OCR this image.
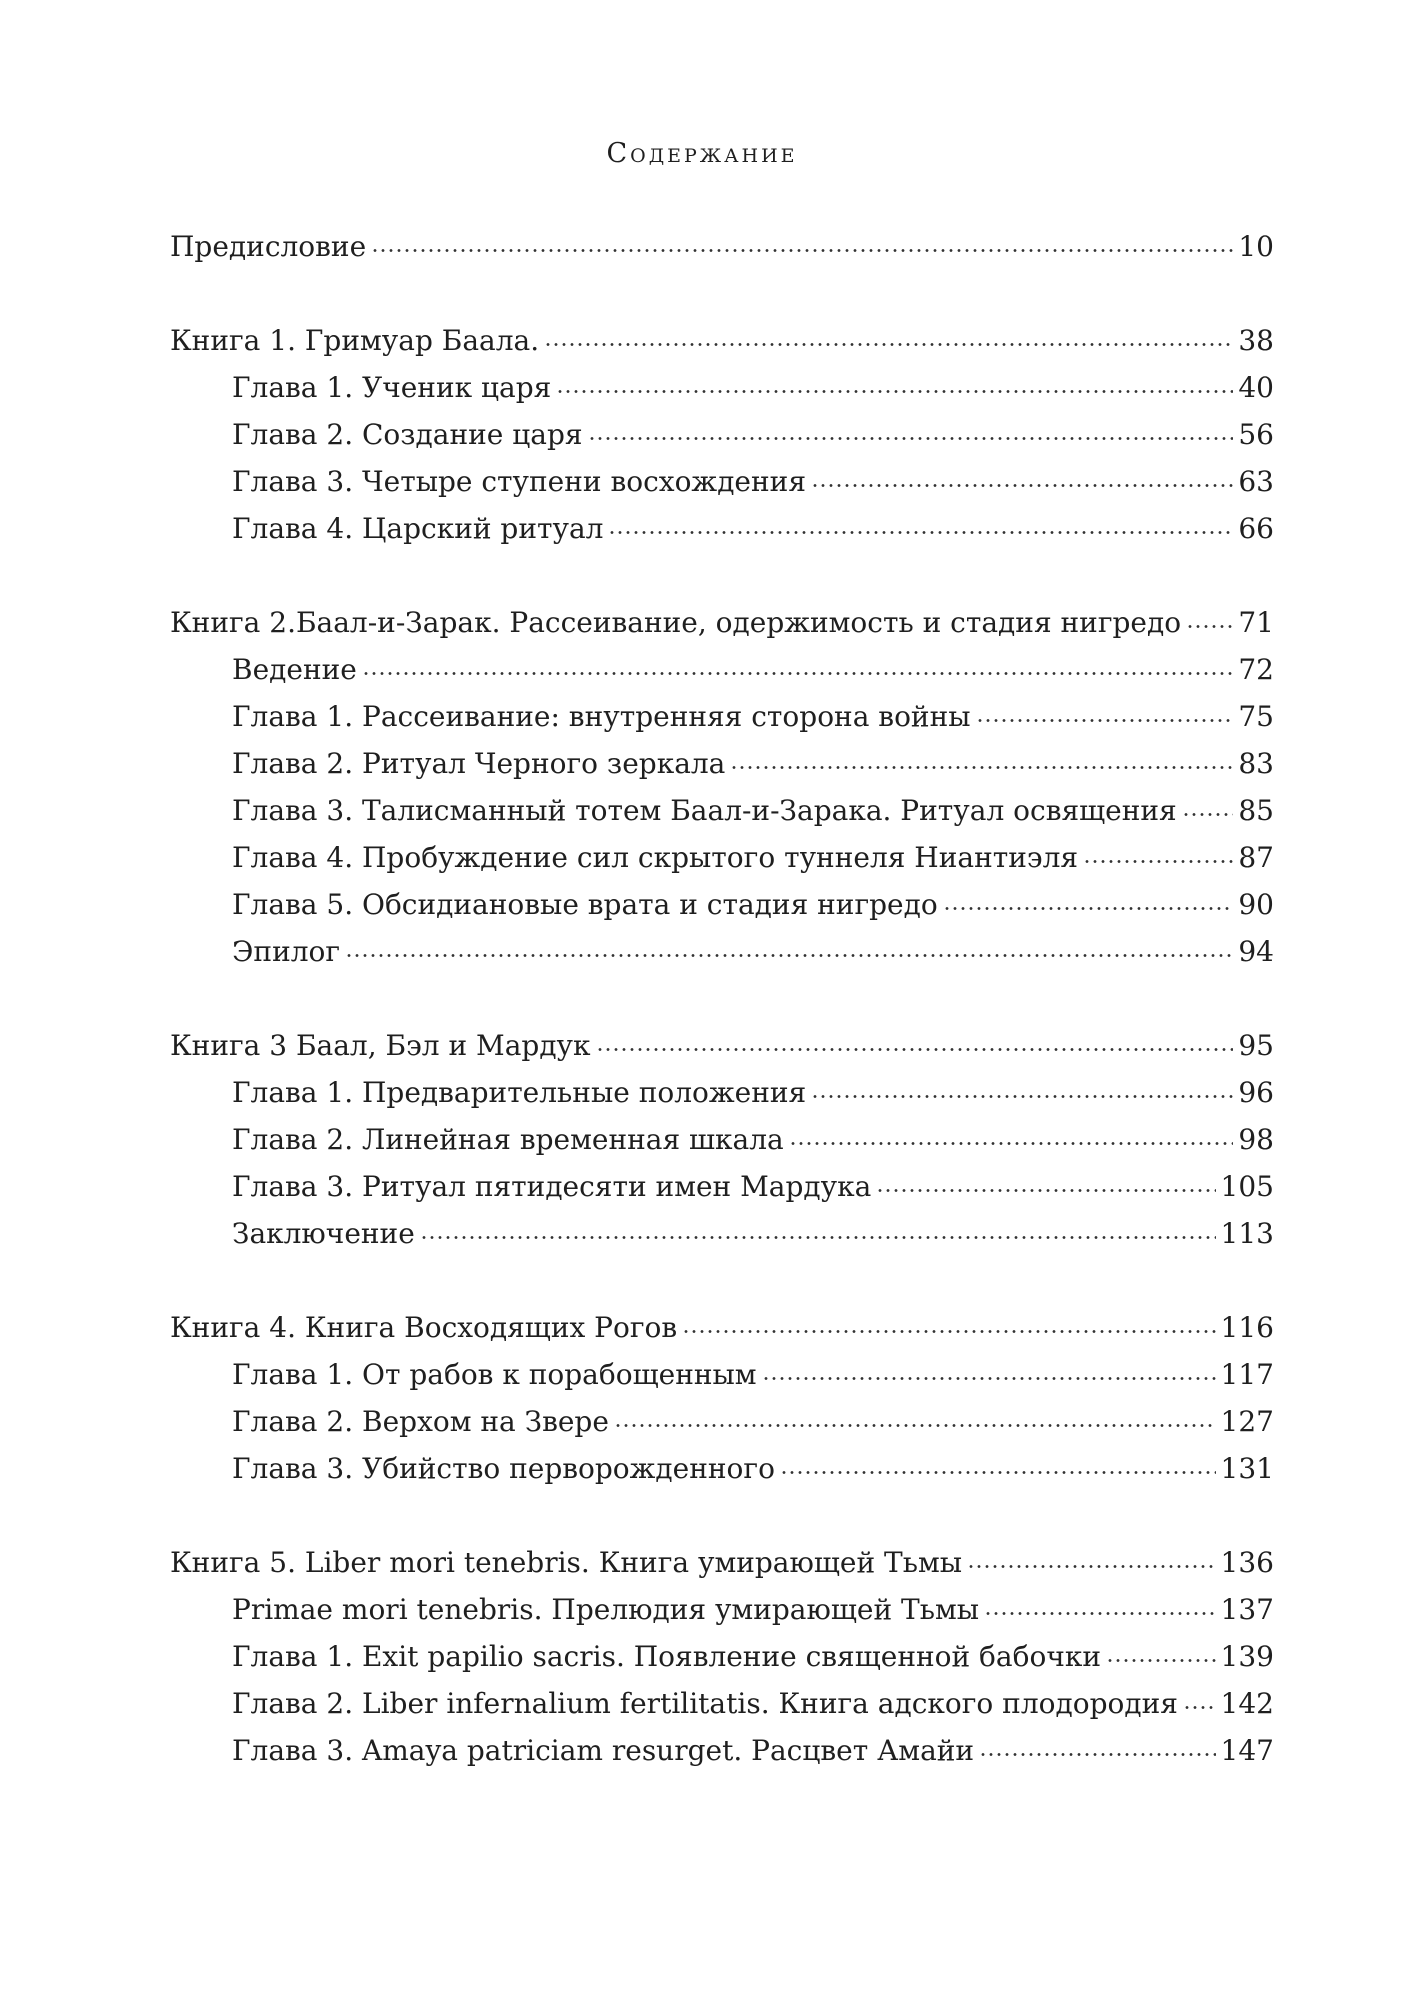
Содержание
Предисловие	10
Книга 1. Гримуар Баала.	38
Глава 1. Ученик царя	40
Глава 2. Создание царя	56
Глава 3. Четыре ступени восхождения	63
Глава 4. Царский ритуал	66
Книга 2.Баал-и-Зарак. Рассеивание, одержимость и стадия нигредо 71
Ведение	72
Глава 1. Рассеивание: внутренняя сторона войны	75
Глава 2. Ритуал Черного зеркала	83
Глава 3. Талисманный тотем Баал-и-Зарака. Ритуал освящения 85
Глава 4. Пробуждение сил скрытого туннеля Ниантиэля	87
Глава 5. Обсидиановые врата и стадия нигредо	90
Эпилог	94
Книга 3 Баал, Бэл и Мардук	95
Глава 1. Предварительные положения	96
Глава 2. Линейная временная шкала	98
Глава 3. Ритуал пятидесяти имен Мардука	105
Заключение	113
Книга 4. Книга Восходящих Рогов	116
Глава 1. От рабов к порабощенным	117
Глава 2. Верхом на Звере	127
Глава 3. Убийство перворожденного	131
Книга 5. Liber mori tenebris. Книга умирающей Тьмы	136
Primae mori tenebris. Прелюдия умирающей Тьмы	137
Глава 1. Exit papilio sacris. Появление священной бабочки	139
Глава 2. Liber infernalium fertilitatis. Книга адского плодородия 142
Глава 3. Amaya patriciam resurget. Расцвет Амайи	147
